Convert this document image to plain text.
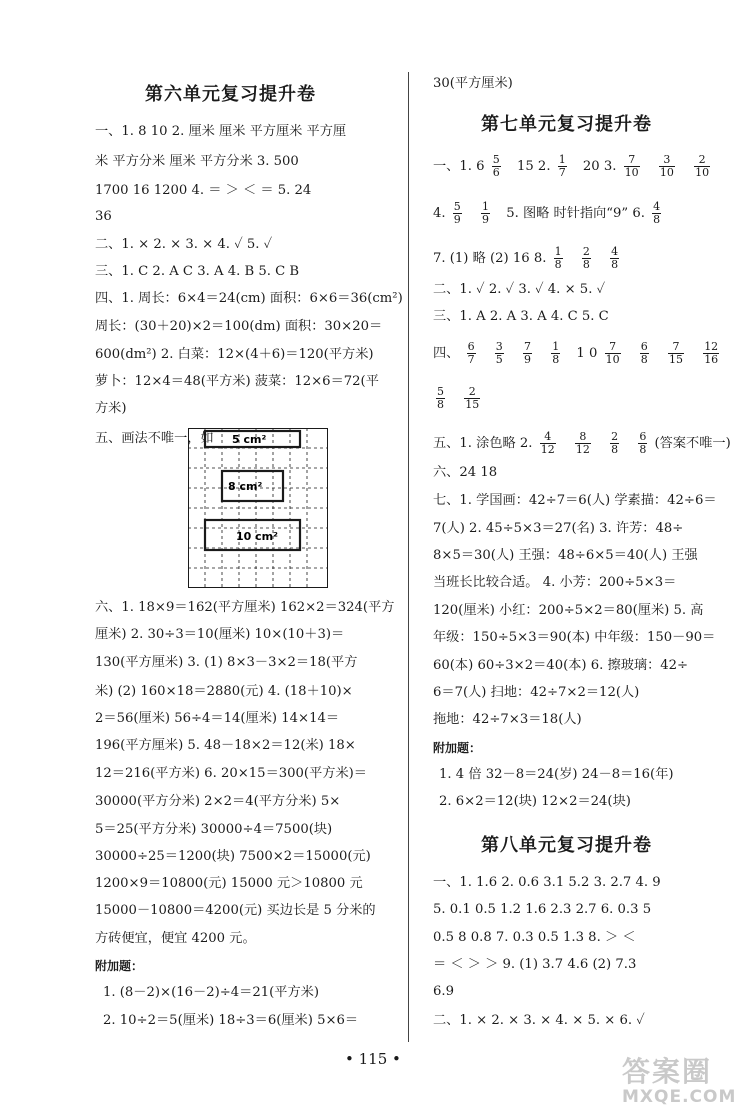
第六单元复习提升卷
一、1. 8 10 2. 厘米 厘米 平方厘米 平方厘
米 平方分米 厘米 平方分米 3. 500
1700 16 1200 4. ＝ ＞ ＜ ＝ 5. 24
36
二、1. × 2. × 3. × 4. ✓ 5. ✓
三、1. C 2. A C 3. A 4. B 5. C B
四、1. 周长：6×4＝24(cm) 面积：6×6＝36(cm²)
周长：(30＋20)×2＝100(dm) 面积：30×20＝
600(dm²) 2. 白菜：12×(4＋6)＝120(平方米)
萝卜：12×4＝48(平方米) 菠菜：12×6＝72(平
方米)
五、画法不唯一，如 5 cm²
8 cm²
10 cm²
六、1. 18×9＝162(平方厘米) 162×2＝324(平方
厘米) 2. 30÷3＝10(厘米) 10×(10＋3)＝
130(平方厘米) 3. (1) 8×3－3×2＝18(平方
米) (2) 160×18＝2880(元) 4. (18＋10)×
2＝56(厘米) 56÷4＝14(厘米) 14×14＝
196(平方厘米) 5. 48－18×2＝12(米) 18×
12＝216(平方米) 6. 20×15＝300(平方米)＝
30000(平方分米) 2×2＝4(平方分米) 5×
5＝25(平方分米) 30000÷4＝7500(块)
30000÷25＝1200(块) 7500×2＝15000(元)
1200×9＝10800(元) 15000 元＞10800 元
15000－10800＝4200(元) 买边长是 5 分米的
方砖便宜，便宜 4200 元。
附加题：
1. (8－2)×(16－2)÷4＝21(平方米)
2. 10÷2＝5(厘米) 18÷3＝6(厘米) 5×6＝
30(平方厘米)
第七单元复习提升卷
一、1. $6 \frac{5}{6} 15$ 2. $\frac{1}{7} 20$ 3. $\frac{7}{10}$
$\frac{3}{10}$
$\frac{2}{10}$
4. $\frac{5}{9}$
$\frac{1}{9} 5$. 图略 时针指向“9” 6. $\frac{4}{8}$
7. (1) 略 (2) 16 8. $\frac{1}{8}$
$\frac{2}{8}$
$\frac{4}{8}$
二、1. ✓ 2. ✓ 3. ✓ 4. × 5. ✓
三、1. A 2. A 3. A 4. C 5. C
四、 $\frac{6}{7}$
$\frac{3}{5}$
$\frac{7}{9}$
$\frac{1}{8} 1$ $0 \frac{7}{10}$
$\frac{6}{8}$
$\frac{7}{15}$
$\frac{12}{16}$
$\frac{5}{8}$
$\frac{2}{15}$
五、1. 涂色略 2. $\frac{4}{12}$
$\frac{8}{12}$
$\frac{2}{8}$
$\frac{6}{8}$ (答案不唯一)
六、24 18
七、1. 学国画：42÷7＝6(人) 学素描：42÷6＝
7(人) 2. 45÷5×3＝27(名) 3. 许芳：48÷
8×5＝30(人) 王强：48÷6×5＝40(人) 王强
当班长比较合适。 4. 小芳：200÷5×3＝
120(厘米) 小红：200÷5×2＝80(厘米) 5. 高
年级：150÷5×3＝90(本) 中年级：150－90＝
60(本) 60÷3×2＝40(本) 6. 擦玻璃：42÷
6＝7(人) 扫地：42÷7×2＝12(人)
拖地：42÷7×3＝18(人)
附加题：
1. 4 倍 32－8＝24(岁) 24－8＝16(年)
2. 6×2＝12(块) 12×2＝24(块)
第八单元复习提升卷
一、1. 1.6 2. 0.6 3.1 5.2 3. 2.7 4. 9
5. 0.1 0.5 1.2 1.6 2.3 2.7 6. 0.3 5
0.5 8 0.8 7. 0.3 0.5 1.3 8. ＞ ＜
＝ ＜ ＞ ＞ 9. (1) 3.7 4.6 (2) 7.3
6.9
二、1. × 2. × 3. × 4. × 5. × 6. ✓
• 115 •	答案圈
MXQE.COM
